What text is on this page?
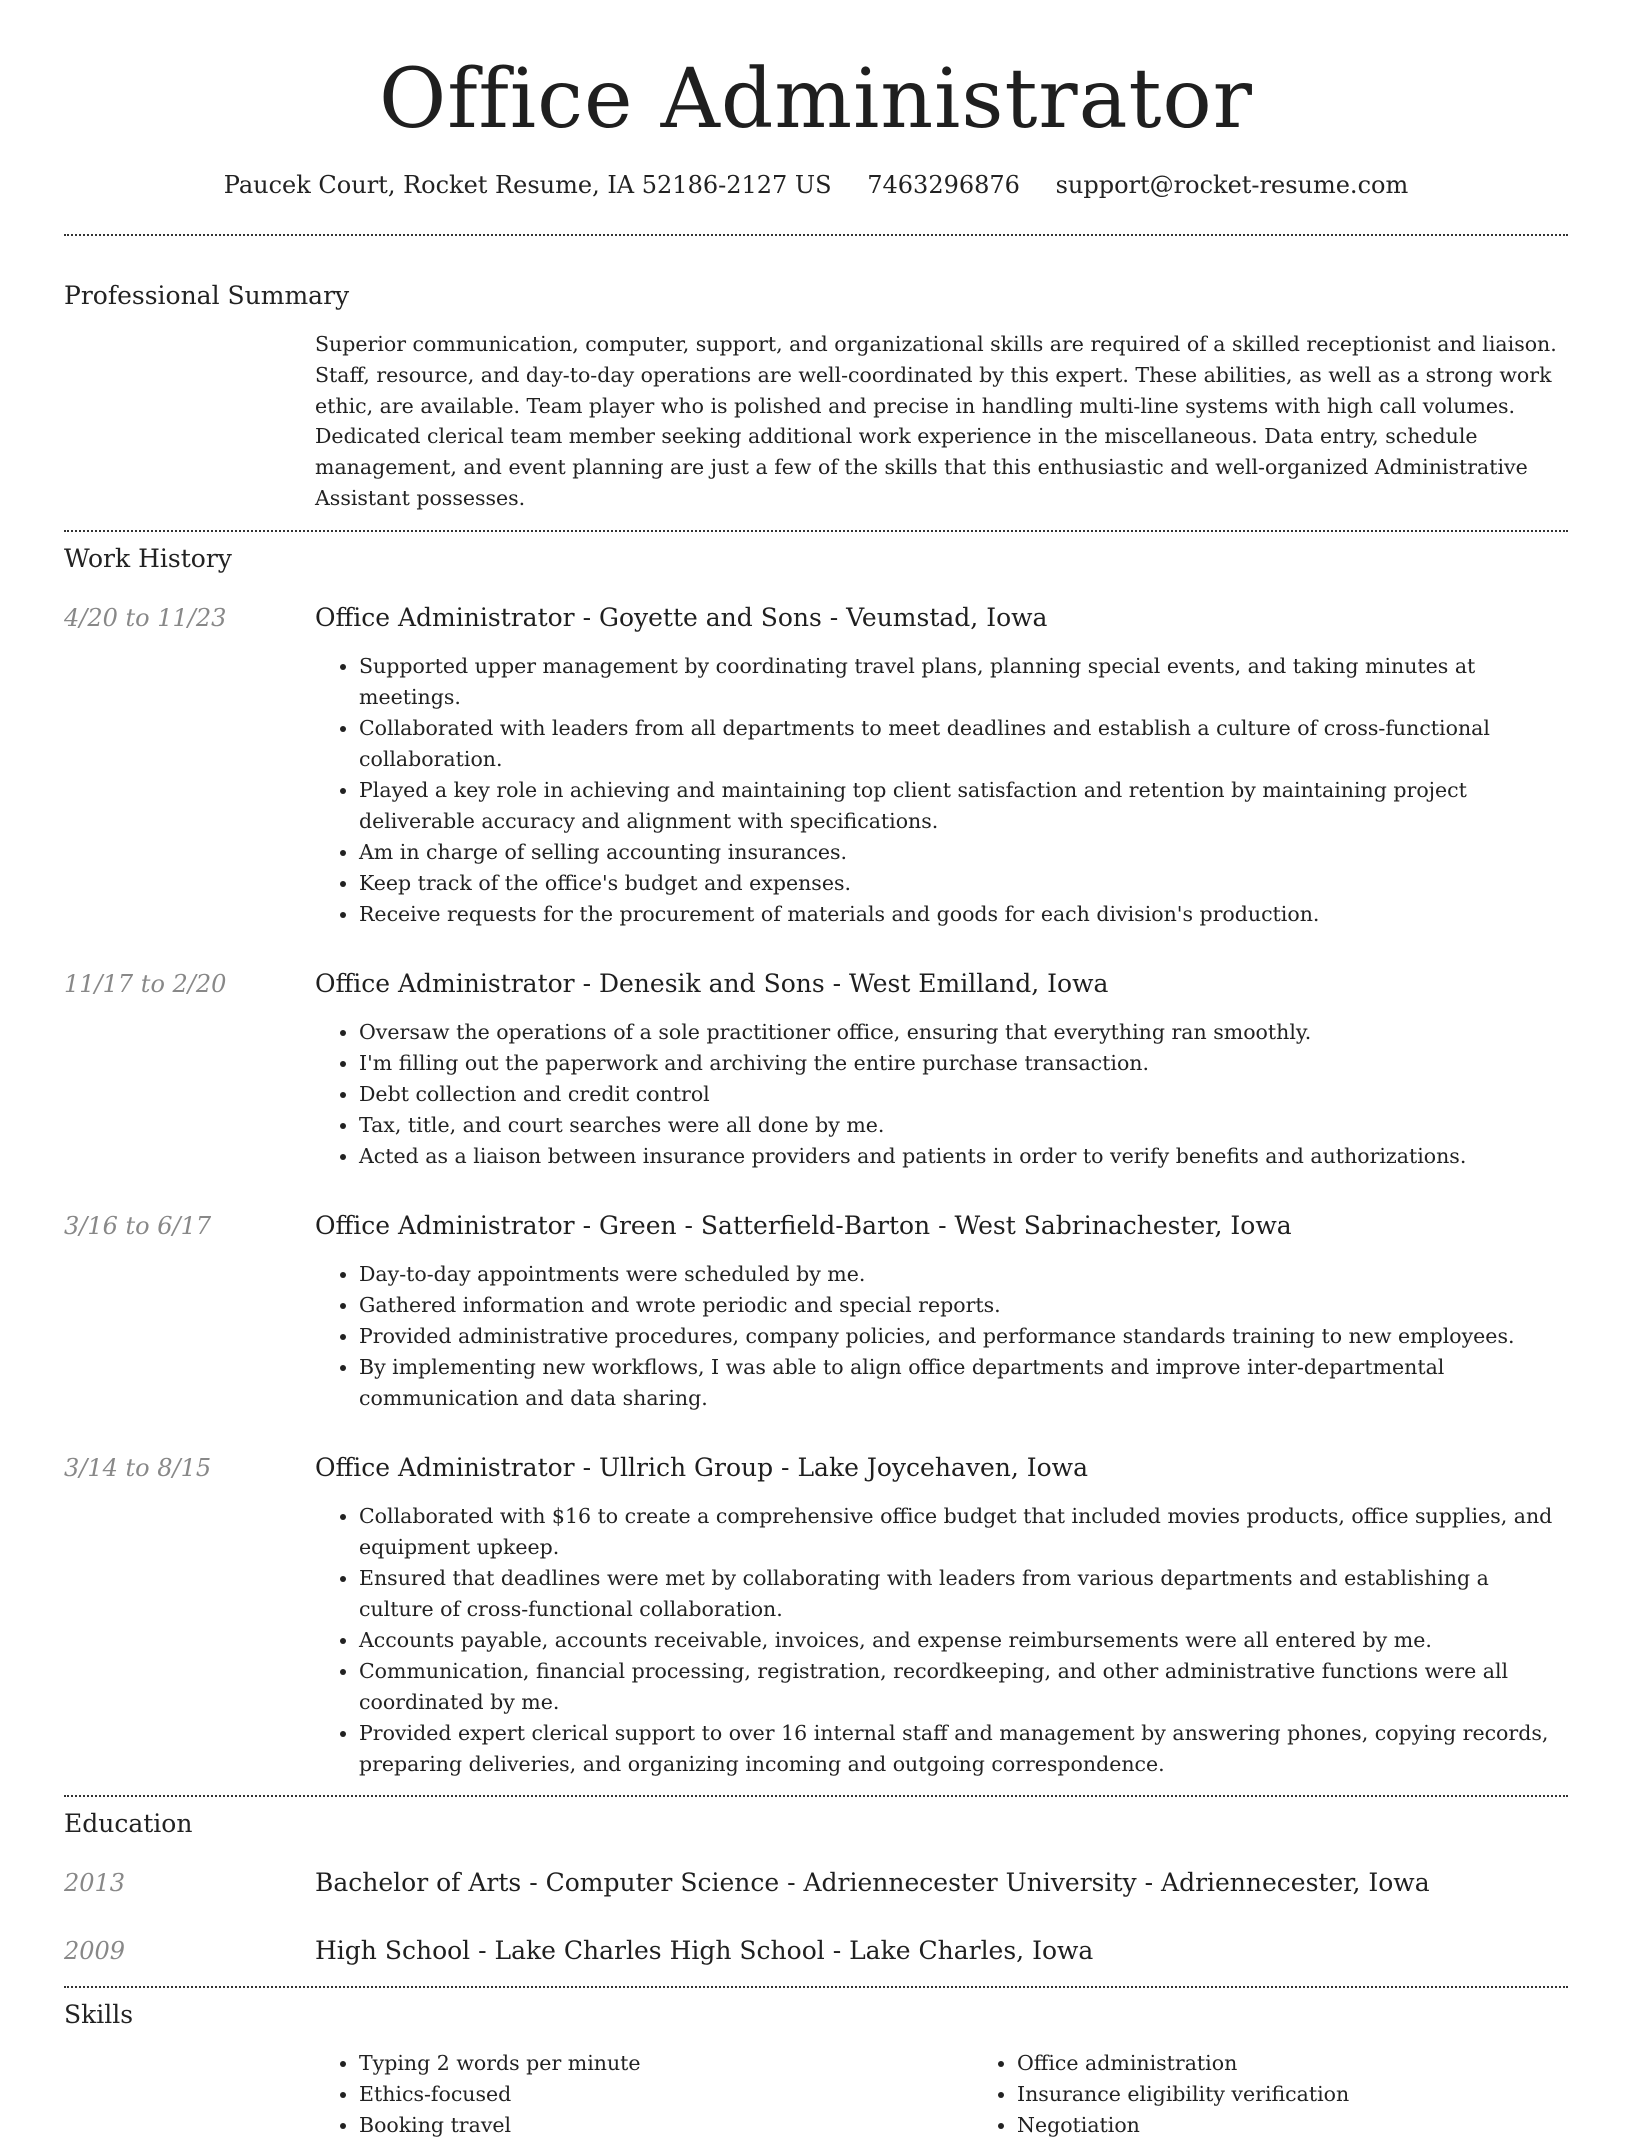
Office Administrator
Paucek Court, Rocket Resume, IA 52186-2127 US 7463296876 support@rocket-resume.com
Professional Summary
Superior communication, computer, support, and organizational skills are required of a skilled receptionist and liaison. Staff, resource, and day-to-day operations are well-coordinated by this expert. These abilities, as well as a strong work ethic, are available. Team player who is polished and precise in handling multi-line systems with high call volumes. Dedicated clerical team member seeking additional work experience in the miscellaneous. Data entry, schedule management, and event planning are just a few of the skills that this enthusiastic and well-organized Administrative Assistant possesses.
Work History
4/20 to 11/23	Office Administrator - Goyette and Sons - Veumstad, Iowa
• Supported upper management by coordinating travel plans, planning special events, and taking minutes at meetings.
• Collaborated with leaders from all departments to meet deadlines and establish a culture of cross-functional collaboration.
• Played a key role in achieving and maintaining top client satisfaction and retention by maintaining project deliverable accuracy and alignment with specifications.
• Am in charge of selling accounting insurances.
• Keep track of the office's budget and expenses.
• Receive requests for the procurement of materials and goods for each division's production.
11/17 to 2/20	Office Administrator - Denesik and Sons - West Emilland, Iowa
• Oversaw the operations of a sole practitioner office, ensuring that everything ran smoothly.
• I'm filling out the paperwork and archiving the entire purchase transaction.
• Debt collection and credit control
• Tax, title, and court searches were all done by me.
• Acted as a liaison between insurance providers and patients in order to verify benefits and authorizations.
3/16 to 6/17	Office Administrator - Green - Satterfield-Barton - West Sabrinachester, Iowa
• Day-to-day appointments were scheduled by me.
• Gathered information and wrote periodic and special reports.
• Provided administrative procedures, company policies, and performance standards training to new employees.
• By implementing new workflows, I was able to align office departments and improve inter-departmental communication and data sharing.
3/14 to 8/15	Office Administrator - Ullrich Group - Lake Joycehaven, Iowa
• Collaborated with $16 to create a comprehensive office budget that included movies products, office supplies, and equipment upkeep.
• Ensured that deadlines were met by collaborating with leaders from various departments and establishing a culture of cross-functional collaboration.
• Accounts payable, accounts receivable, invoices, and expense reimbursements were all entered by me.
• Communication, financial processing, registration, recordkeeping, and other administrative functions were all coordinated by me.
• Provided expert clerical support to over 16 internal staff and management by answering phones, copying records, preparing deliveries, and organizing incoming and outgoing correspondence.
Education
2013	Bachelor of Arts - Computer Science - Adriennecester University - Adriennecester, Iowa
2009	High School - Lake Charles High School - Lake Charles, Iowa
Skills
• Typing 2 words per minute
• Ethics-focused
• Booking travel
• Office administration
• Insurance eligibility verification
• Negotiation
